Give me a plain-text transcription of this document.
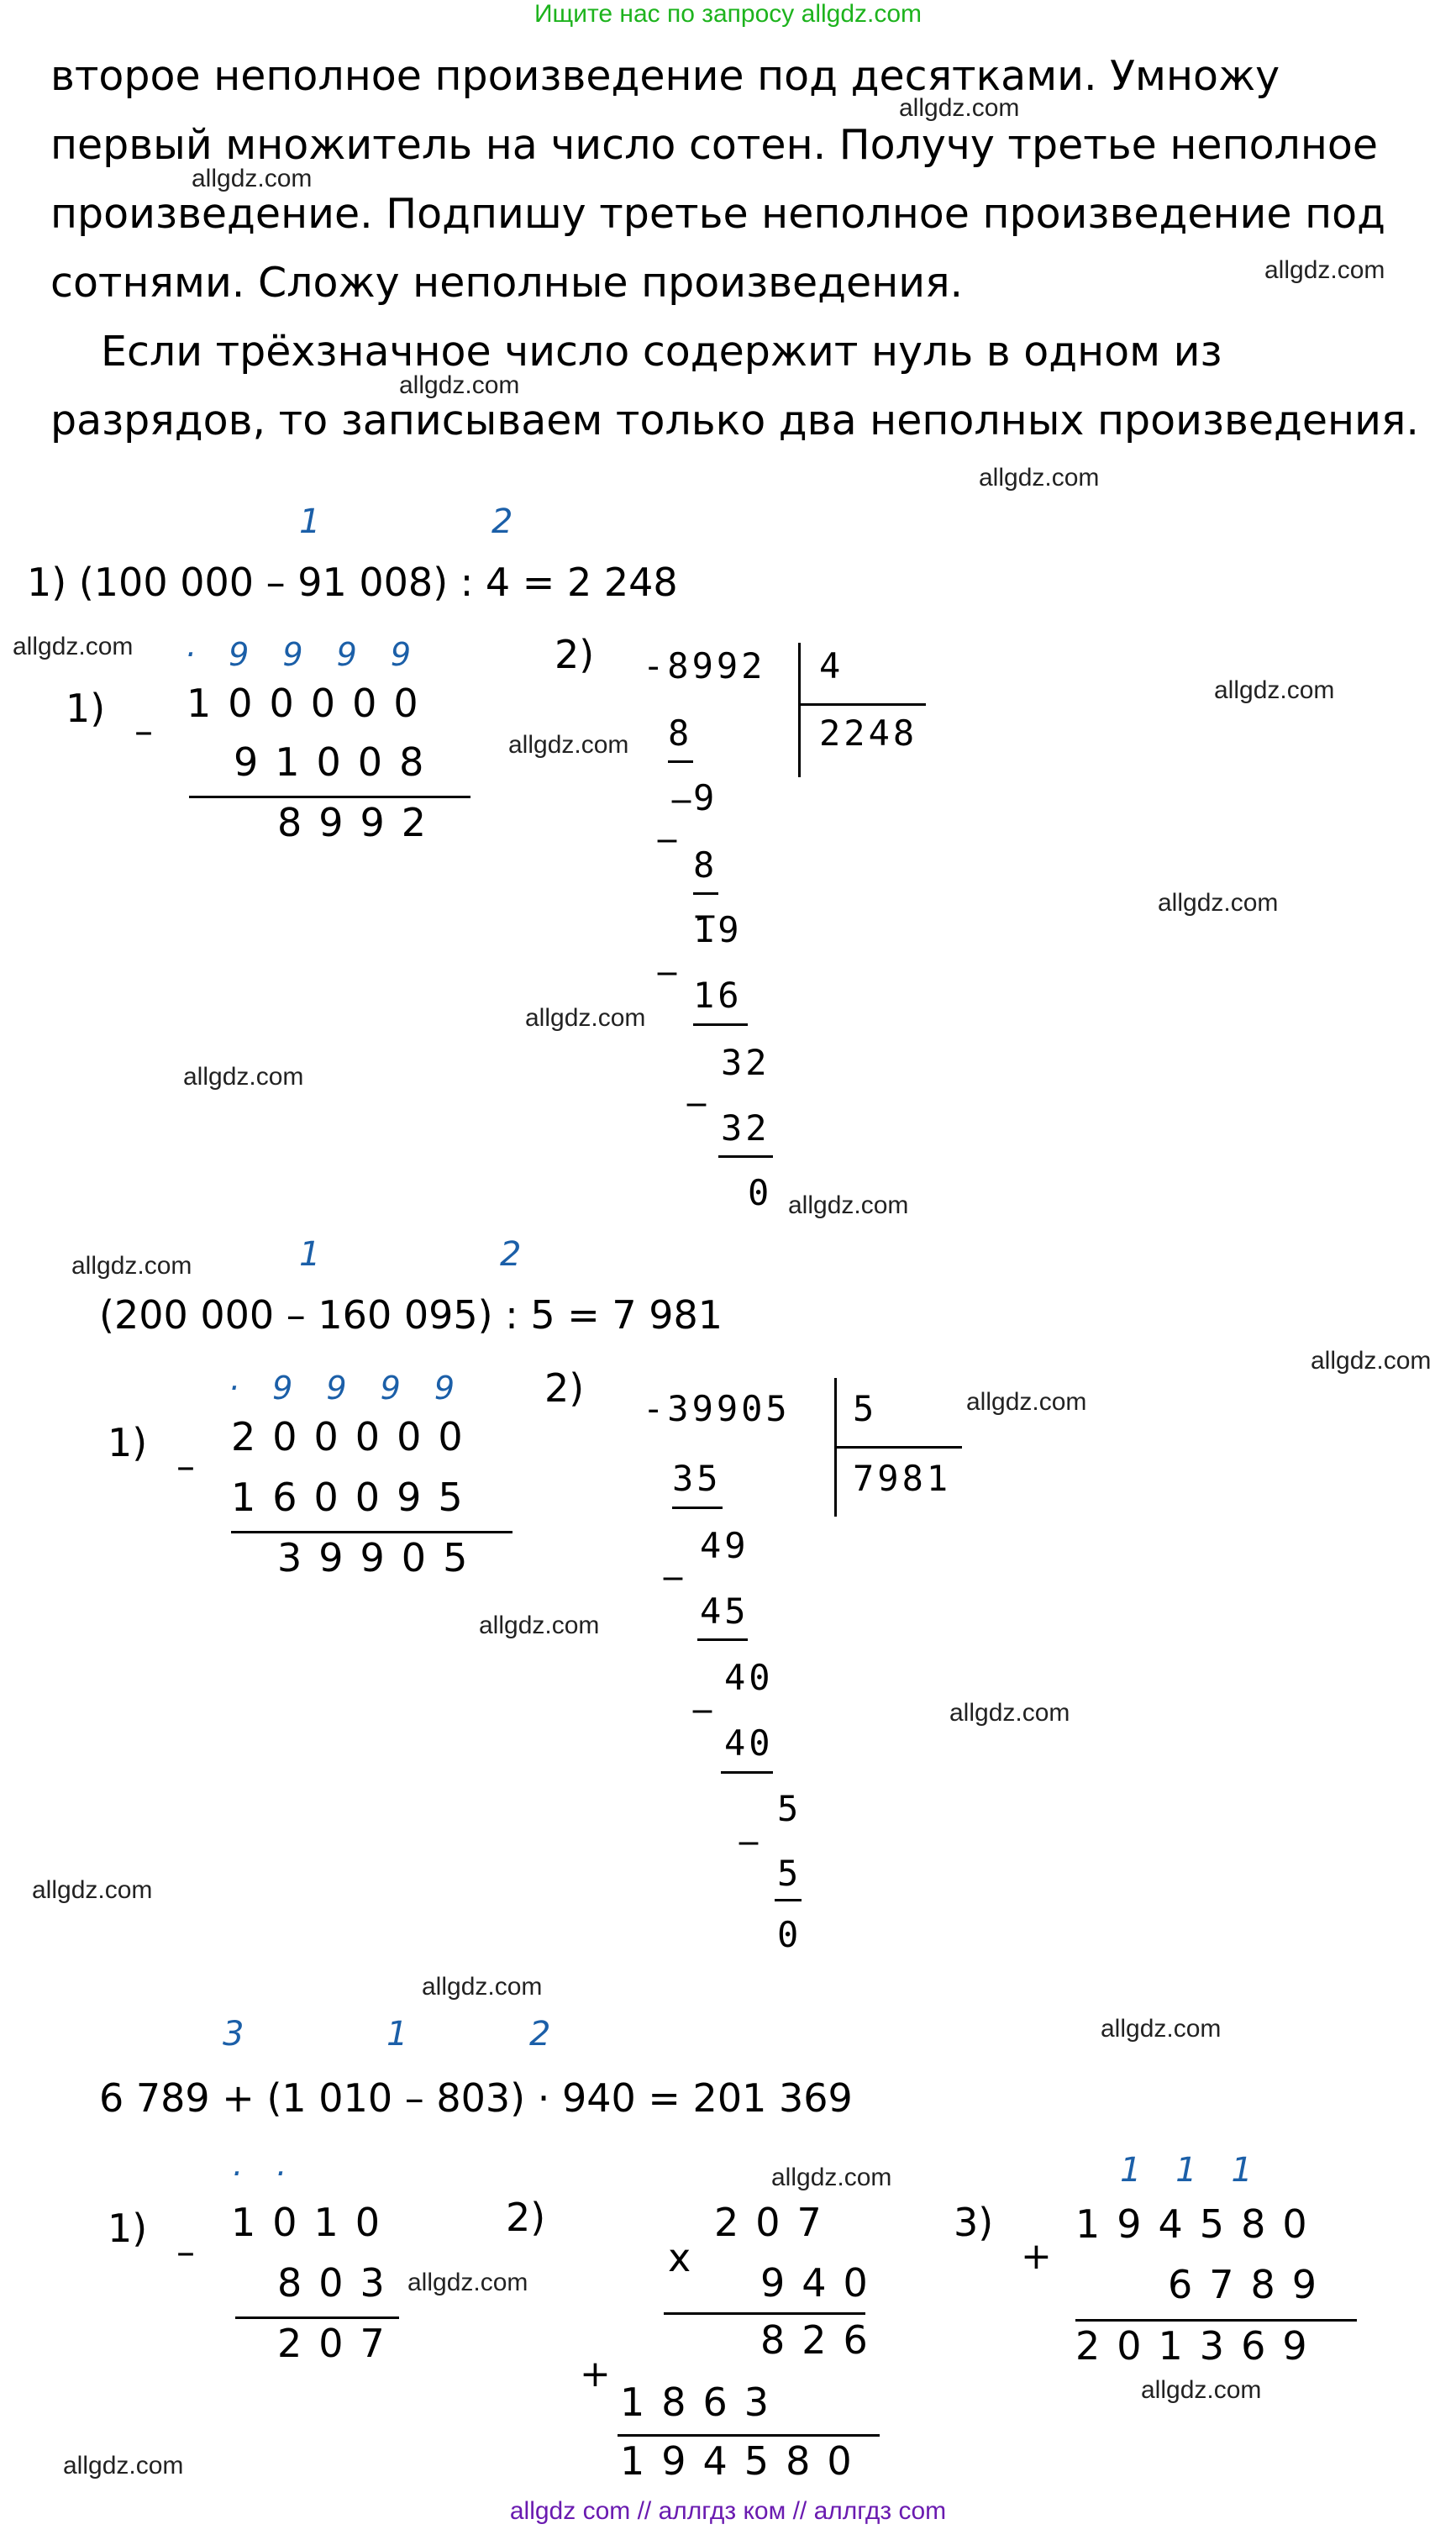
Ищите нас по запросу allgdz.com
allgdz com // аллгдз ком // аллгдз com

второе неполное произведение под десятками. Умножу первый множитель на число сотен. Получу третье неполное произведение. Подпишу третье неполное произведение под сотнями. Сложу неполные произведения.

Если трёхзначное число содержит нуль в одном из разрядов, то записываем только два неполных произведения.

allgdz.com
allgdz.com
allgdz.com
allgdz.com
allgdz.com
allgdz.com
allgdz.com
allgdz.com
allgdz.com
allgdz.com
allgdz.com
allgdz.com
allgdz.com
allgdz.com
allgdz.com
allgdz.com
allgdz.com
allgdz.com
allgdz.com
allgdz.com
allgdz.com
allgdz.com
allgdz.com
allgdz.com
1	2
1) (100 000 – 91 008) : 4 = 2 248
1)
· 9 9 9 9
–
100000
91008
8992
2) -8992 4
2248
8
_ 9
_
8
_
19
_
16
32
_
32
0
1	2
(200 000 – 160 095) : 5 = 7 981
1)
· 9 9 9 9
–
200000
160095
39905
2) -39905 5
7981
35
_ 49
45
_ 40
40
_ 5
5
0
3	1	2
6 789 + (1 010 – 803) · 940 = 201 369
1)
· ·
–
1010
803
207
2)
x
207
940
826
+
1863
194580
3)
1 1 1
+
194580
6789
201369
